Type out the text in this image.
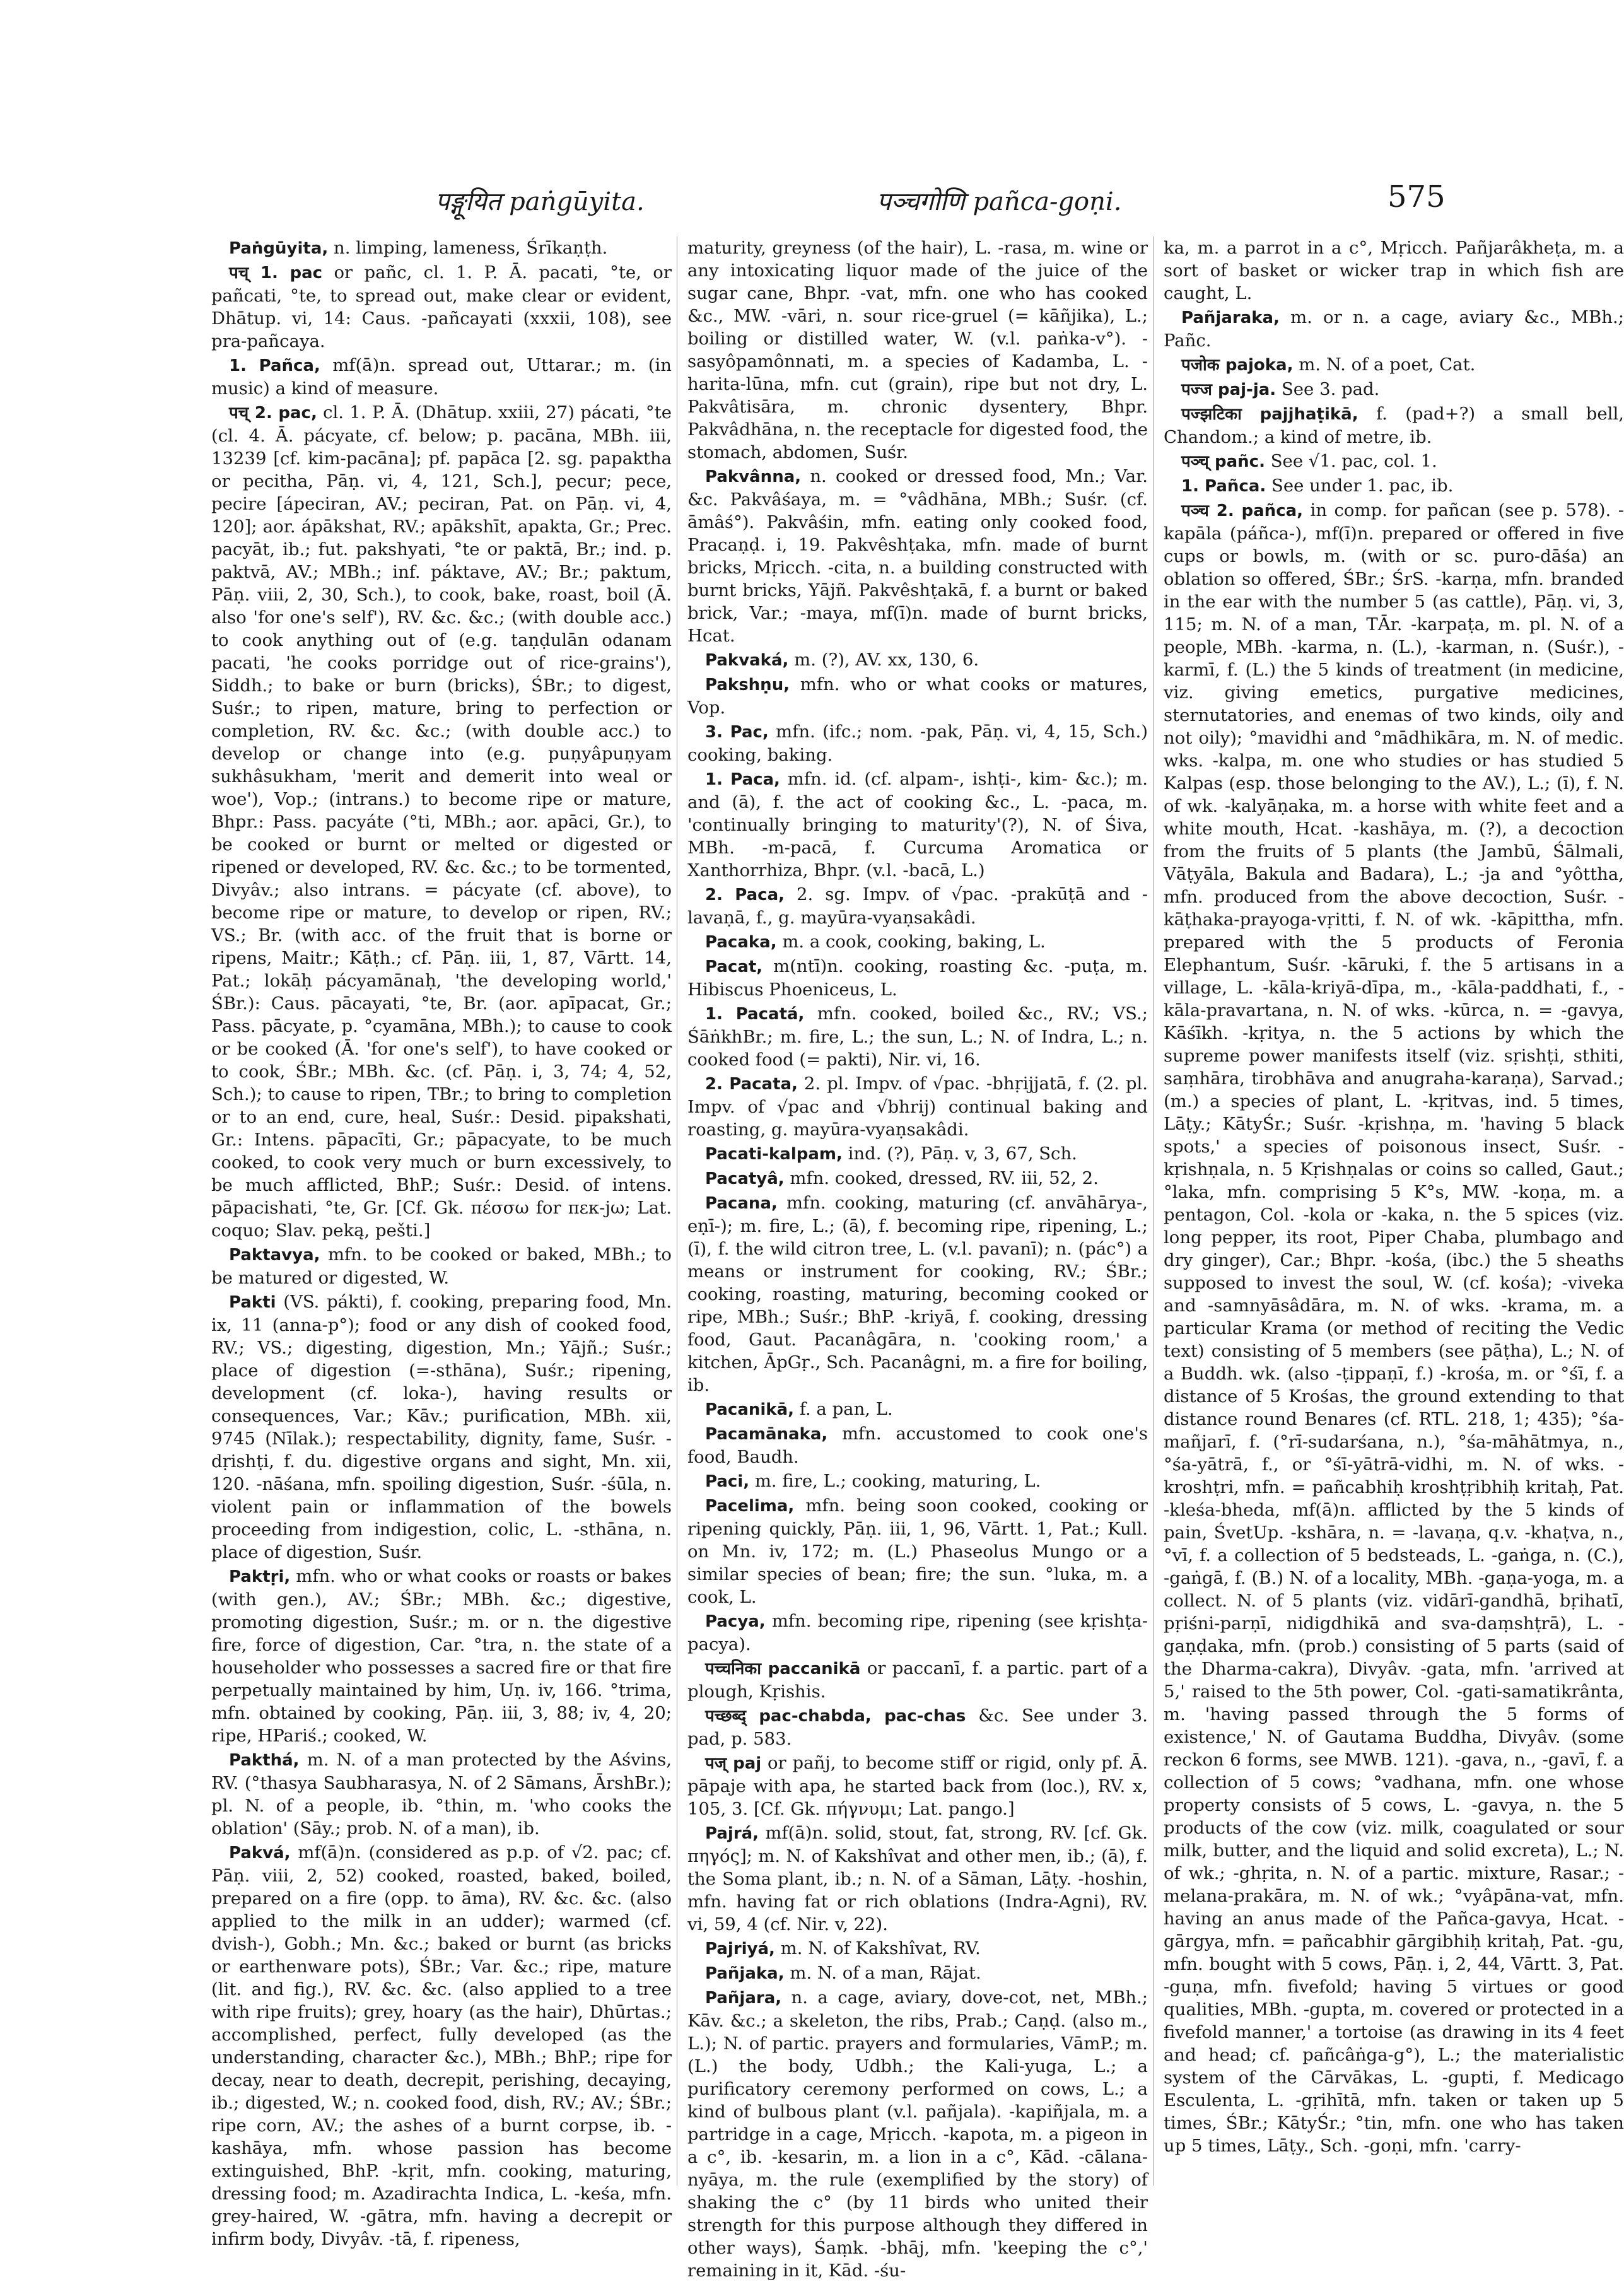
पङ्गूयित paṅgūyita.	पञ्चगोणि pañca-goṇi.	575

Paṅgūyita, n. limping, lameness, Śrīkaṇṭh.

पच् 1. pac or pañc, cl. 1. P. Ā. pacati, °te, or pañcati, °te, to spread out, make clear or evident, Dhātup. vi, 14: Caus. -pañcayati (xxxii, 108), see pra-pañcaya.

1. Pañca, mf(ā)n. spread out, Uttarar.; m. (in music) a kind of measure.

पच् 2. pac, cl. 1. P. Ā. (Dhātup. xxiii, 27) pácati, °te (cl. 4. Ā. pácyate, cf. below; p. pacāna, MBh. iii, 13239 [cf. kim-pacāna]; pf. papāca [2. sg. papaktha or pecitha, Pāṇ. vi, 4, 121, Sch.], pecur; pece, pecire [ápeciran, AV.; peciran, Pat. on Pāṇ. vi, 4, 120]; aor. ápākshat, RV.; apākshīt, apakta, Gr.; Prec. pacyāt, ib.; fut. pakshyati, °te or paktā, Br.; ind. p. paktvā, AV.; MBh.; inf. páktave, AV.; Br.; paktum, Pāṇ. viii, 2, 30, Sch.), to cook, bake, roast, boil (Ā. also 'for one's self'), RV. &c. &c.; (with double acc.) to cook anything out of (e.g. taṇḍulān odanam pacati, 'he cooks porridge out of rice-grains'), Siddh.; to bake or burn (bricks), ŚBr.; to digest, Suśr.; to ripen, mature, bring to perfection or completion, RV. &c. &c.; (with double acc.) to develop or change into (e.g. puṇyâpuṇyam sukhâsukham, 'merit and demerit into weal or woe'), Vop.; (intrans.) to become ripe or mature, Bhpr.: Pass. pacyáte (°ti, MBh.; aor. apāci, Gr.), to be cooked or burnt or melted or digested or ripened or developed, RV. &c. &c.; to be tormented, Divyâv.; also intrans. = pácyate (cf. above), to become ripe or mature, to develop or ripen, RV.; VS.; Br. (with acc. of the fruit that is borne or ripens, Maitr.; Kāṭh.; cf. Pāṇ. iii, 1, 87, Vārtt. 14, Pat.; lokāḥ pácyamānaḥ, 'the developing world,' ŚBr.): Caus. pācayati, °te, Br. (aor. apīpacat, Gr.; Pass. pācyate, p. °cyamāna, MBh.); to cause to cook or be cooked (Ā. 'for one's self'), to have cooked or to cook, ŚBr.; MBh. &c. (cf. Pāṇ. i, 3, 74; 4, 52, Sch.); to cause to ripen, TBr.; to bring to completion or to an end, cure, heal, Suśr.: Desid. pipakshati, Gr.: Intens. pāpacīti, Gr.; pāpacyate, to be much cooked, to cook very much or burn excessively, to be much afflicted, BhP.; Suśr.: Desid. of intens. pāpacishati, °te, Gr. [Cf. Gk. πέσσω for πεκ-jω; Lat. coquo; Slav. peką, pešti.]

Paktavya, mfn. to be cooked or baked, MBh.; to be matured or digested, W.

Pakti (VS. pákti), f. cooking, preparing food, Mn. ix, 11 (anna-p°); food or any dish of cooked food, RV.; VS.; digesting, digestion, Mn.; Yājñ.; Suśr.; place of digestion (=-sthāna), Suśr.; ripening, development (cf. loka-), having results or consequences, Var.; Kāv.; purification, MBh. xii, 9745 (Nīlak.); respectability, dignity, fame, Suśr. -dṛishṭi, f. du. digestive organs and sight, Mn. xii, 120. -nāśana, mfn. spoiling digestion, Suśr. -śūla, n. violent pain or inflammation of the bowels proceeding from indigestion, colic, L. -sthāna, n. place of digestion, Suśr.

Paktṛi, mfn. who or what cooks or roasts or bakes (with gen.), AV.; ŚBr.; MBh. &c.; digestive, promoting digestion, Suśr.; m. or n. the digestive fire, force of digestion, Car. °tra, n. the state of a householder who possesses a sacred fire or that fire perpetually maintained by him, Uṇ. iv, 166. °trima, mfn. obtained by cooking, Pāṇ. iii, 3, 88; iv, 4, 20; ripe, HPariś.; cooked, W.

Pakthá, m. N. of a man protected by the Aśvins, RV. (°thasya Saubharasya, N. of 2 Sāmans, ĀrshBr.); pl. N. of a people, ib. °thin, m. 'who cooks the oblation' (Sāy.; prob. N. of a man), ib.

Pakvá, mf(ā)n. (considered as p.p. of √2. pac; cf. Pāṇ. viii, 2, 52) cooked, roasted, baked, boiled, prepared on a fire (opp. to āma), RV. &c. &c. (also applied to the milk in an udder); warmed (cf. dvish-), Gobh.; Mn. &c.; baked or burnt (as bricks or earthenware pots), ŚBr.; Var. &c.; ripe, mature (lit. and fig.), RV. &c. &c. (also applied to a tree with ripe fruits); grey, hoary (as the hair), Dhūrtas.; accomplished, perfect, fully developed (as the understanding, character &c.), MBh.; BhP.; ripe for decay, near to death, decrepit, perishing, decaying, ib.; digested, W.; n. cooked food, dish, RV.; AV.; ŚBr.; ripe corn, AV.; the ashes of a burnt corpse, ib. -kashāya, mfn. whose passion has become extinguished, BhP. -kṛit, mfn. cooking, maturing, dressing food; m. Azadirachta Indica, L. -keśa, mfn. grey-haired, W. -gātra, mfn. having a decrepit or infirm body, Divyâv. -tā, f. ripeness,

maturity, greyness (of the hair), L. -rasa, m. wine or any intoxicating liquor made of the juice of the sugar cane, Bhpr. -vat, mfn. one who has cooked &c., MW. -vāri, n. sour rice-gruel (= kāñjika), L.; boiling or distilled water, W. (v.l. paṅka-v°). -sasyôpamônnati, m. a species of Kadamba, L. -harita-lūna, mfn. cut (grain), ripe but not dry, L. Pakvâtisāra, m. chronic dysentery, Bhpr. Pakvâdhāna, n. the receptacle for digested food, the stomach, abdomen, Suśr.

Pakvânna, n. cooked or dressed food, Mn.; Var. &c. Pakvâśaya, m. = °vâdhāna, MBh.; Suśr. (cf. āmâś°). Pakvâśin, mfn. eating only cooked food, Pracaṇḍ. i, 19. Pakvêshṭaka, mfn. made of burnt bricks, Mṛicch. -cita, n. a building constructed with burnt bricks, Yājñ. Pakvêshṭakā, f. a burnt or baked brick, Var.; -maya, mf(ī)n. made of burnt bricks, Hcat.

Pakvaká, m. (?), AV. xx, 130, 6.

Pakshṇu, mfn. who or what cooks or matures, Vop.

3. Pac, mfn. (ifc.; nom. -pak, Pāṇ. vi, 4, 15, Sch.) cooking, baking.

1. Paca, mfn. id. (cf. alpam-, ishṭi-, kim- &c.); m. and (ā), f. the act of cooking &c., L. -paca, m. 'continually bringing to maturity'(?), N. of Śiva, MBh. -m-pacā, f. Curcuma Aromatica or Xanthorrhiza, Bhpr. (v.l. -bacā, L.)

2. Paca, 2. sg. Impv. of √pac. -prakūṭā and -lavaṇā, f., g. mayūra-vyaṇsakâdi.

Pacaka, m. a cook, cooking, baking, L.

Pacat, m(ntī)n. cooking, roasting &c. -puṭa, m. Hibiscus Phoeniceus, L.

1. Pacatá, mfn. cooked, boiled &c., RV.; VS.; ŚāṅkhBr.; m. fire, L.; the sun, L.; N. of Indra, L.; n. cooked food (= pakti), Nir. vi, 16.

2. Pacata, 2. pl. Impv. of √pac. -bhṛijjatā, f. (2. pl. Impv. of √pac and √bhrij) continual baking and roasting, g. mayūra-vyaṇsakâdi.

Pacati-kalpam, ind. (?), Pāṇ. v, 3, 67, Sch.

Pacatyâ, mfn. cooked, dressed, RV. iii, 52, 2.

Pacana, mfn. cooking, maturing (cf. anvāhārya-, eṇī-); m. fire, L.; (ā), f. becoming ripe, ripening, L.; (ī), f. the wild citron tree, L. (v.l. pavanī); n. (pác°) a means or instrument for cooking, RV.; ŚBr.; cooking, roasting, maturing, becoming cooked or ripe, MBh.; Suśr.; BhP. -kriyā, f. cooking, dressing food, Gaut. Pacanâgāra, n. 'cooking room,' a kitchen, ĀpGṛ., Sch. Pacanâgni, m. a fire for boiling, ib.

Pacanikā, f. a pan, L.

Pacamānaka, mfn. accustomed to cook one's food, Baudh.

Paci, m. fire, L.; cooking, maturing, L.

Pacelima, mfn. being soon cooked, cooking or ripening quickly, Pāṇ. iii, 1, 96, Vārtt. 1, Pat.; Kull. on Mn. iv, 172; m. (L.) Phaseolus Mungo or a similar species of bean; fire; the sun. °luka, m. a cook, L.

Pacya, mfn. becoming ripe, ripening (see kṛishṭa-pacya).

पच्चनिका paccanikā or paccanī, f. a partic. part of a plough, Kṛishis.

पच्छब्द् pac-chabda, pac-chas &c. See under 3. pad, p. 583.

पज् paj or pañj, to become stiff or rigid, only pf. Ā. pāpaje with apa, he started back from (loc.), RV. x, 105, 3. [Cf. Gk. πήγνυμι; Lat. pango.]

Pajrá, mf(ā)n. solid, stout, fat, strong, RV. [cf. Gk. πηγός]; m. N. of Kakshîvat and other men, ib.; (ā), f. the Soma plant, ib.; n. N. of a Sāman, Lāṭy. -hoshin, mfn. having fat or rich oblations (Indra-Agni), RV. vi, 59, 4 (cf. Nir. v, 22).

Pajriyá, m. N. of Kakshîvat, RV.

Pañjaka, m. N. of a man, Rājat.

Pañjara, n. a cage, aviary, dove-cot, net, MBh.; Kāv. &c.; a skeleton, the ribs, Prab.; Caṇḍ. (also m., L.); N. of partic. prayers and formularies, VāmP.; m. (L.) the body, Udbh.; the Kali-yuga, L.; a purificatory ceremony performed on cows, L.; a kind of bulbous plant (v.l. pañjala). -kapiñjala, m. a partridge in a cage, Mṛicch. -kapota, m. a pigeon in a c°, ib. -kesarin, m. a lion in a c°, Kād. -cālana-nyāya, m. the rule (exemplified by the story) of shaking the c° (by 11 birds who united their strength for this purpose although they differed in other ways), Śaṃk. -bhāj, mfn. 'keeping the c°,' remaining in it, Kād. -śu-

ka, m. a parrot in a c°, Mṛicch. Pañjarâkheṭa, m. a sort of basket or wicker trap in which fish are caught, L.

Pañjaraka, m. or n. a cage, aviary &c., MBh.; Pañc.

पजोक pajoka, m. N. of a poet, Cat.

पज्ज paj-ja. See 3. pad.

पज्झटिका pajjhaṭikā, f. (pad+?) a small bell, Chandom.; a kind of metre, ib.

पञ्च् pañc. See √1. pac, col. 1.

1. Pañca. See under 1. pac, ib.

पञ्च 2. pañca, in comp. for pañcan (see p. 578). -kapāla (páñca-), mf(ī)n. prepared or offered in five cups or bowls, m. (with or sc. puro-dāśa) an oblation so offered, ŚBr.; ŚrS. -karṇa, mfn. branded in the ear with the number 5 (as cattle), Pāṇ. vi, 3, 115; m. N. of a man, TĀr. -karpaṭa, m. pl. N. of a people, MBh. -karma, n. (L.), -karman, n. (Suśr.), -karmī, f. (L.) the 5 kinds of treatment (in medicine, viz. giving emetics, purgative medicines, sternutatories, and enemas of two kinds, oily and not oily); °mavidhi and °mādhikāra, m. N. of medic. wks. -kalpa, m. one who studies or has studied 5 Kalpas (esp. those belonging to the AV.), L.; (ī), f. N. of wk. -kalyāṇaka, m. a horse with white feet and a white mouth, Hcat. -kashāya, m. (?), a decoction from the fruits of 5 plants (the Jambū, Śālmali, Vāṭyāla, Bakula and Badara), L.; -ja and °yôttha, mfn. produced from the above decoction, Suśr. -kāṭhaka-prayoga-vṛitti, f. N. of wk. -kāpittha, mfn. prepared with the 5 products of Feronia Elephantum, Suśr. -kāruki, f. the 5 artisans in a village, L. -kāla-kriyā-dīpa, m., -kāla-paddhati, f., -kāla-pravartana, n. N. of wks. -kūrca, n. = -gavya, Kāśīkh. -kṛitya, n. the 5 actions by which the supreme power manifests itself (viz. sṛishṭi, sthiti, saṃhāra, tirobhāva and anugraha-karaṇa), Sarvad.; (m.) a species of plant, L. -kṛitvas, ind. 5 times, Lāṭy.; KātyŚr.; Suśr. -kṛishṇa, m. 'having 5 black spots,' a species of poisonous insect, Suśr. -kṛishṇala, n. 5 Kṛishṇalas or coins so called, Gaut.; °laka, mfn. comprising 5 K°s, MW. -koṇa, m. a pentagon, Col. -kola or -kaka, n. the 5 spices (viz. long pepper, its root, Piper Chaba, plumbago and dry ginger), Car.; Bhpr. -kośa, (ibc.) the 5 sheaths supposed to invest the soul, W. (cf. kośa); -viveka and -samnyāsâdāra, m. N. of wks. -krama, m. a particular Krama (or method of reciting the Vedic text) consisting of 5 members (see pāṭha), L.; N. of a Buddh. wk. (also -ṭippaṇī, f.) -krośa, m. or °śī, f. a distance of 5 Krośas, the ground extending to that distance round Benares (cf. RTL. 218, 1; 435); °śa-mañjarī, f. (°rī-sudarśana, n.), °śa-māhātmya, n., °śa-yātrā, f., or °śī-yātrā-vidhi, m. N. of wks. -kroshṭri, mfn. = pañcabhiḥ kroshṭṛibhiḥ kritaḥ, Pat. -kleśa-bheda, mf(ā)n. afflicted by the 5 kinds of pain, ŚvetUp. -kshāra, n. = -lavaṇa, q.v. -khaṭva, n., °vī, f. a collection of 5 bedsteads, L. -gaṅga, n. (C.), -gaṅgā, f. (B.) N. of a locality, MBh. -gaṇa-yoga, m. a collect. N. of 5 plants (viz. vidārī-gandhā, bṛihatī, pṛiśni-parṇī, nidigdhikā and sva-daṃshṭrā), L. -gaṇḍaka, mfn. (prob.) consisting of 5 parts (said of the Dharma-cakra), Divyâv. -gata, mfn. 'arrived at 5,' raised to the 5th power, Col. -gati-samatikrânta, m. 'having passed through the 5 forms of existence,' N. of Gautama Buddha, Divyâv. (some reckon 6 forms, see MWB. 121). -gava, n., -gavī, f. a collection of 5 cows; °vadhana, mfn. one whose property consists of 5 cows, L. -gavya, n. the 5 products of the cow (viz. milk, coagulated or sour milk, butter, and the liquid and solid excreta), L.; N. of wk.; -ghṛita, n. N. of a partic. mixture, Rasar.; -melana-prakāra, m. N. of wk.; °vyâpāna-vat, mfn. having an anus made of the Pañca-gavya, Hcat. -gārgya, mfn. = pañcabhir gārgibhiḥ kritaḥ, Pat. -gu, mfn. bought with 5 cows, Pāṇ. i, 2, 44, Vārtt. 3, Pat. -guṇa, mfn. fivefold; having 5 virtues or good qualities, MBh. -gupta, m. covered or protected in a fivefold manner,' a tortoise (as drawing in its 4 feet and head; cf. pañcâṅga-g°), L.; the materialistic system of the Cārvākas, L. -gupti, f. Medicago Esculenta, L. -gṛihītā, mfn. taken or taken up 5 times, ŚBr.; KātyŚr.; °tin, mfn. one who has taken up 5 times, Lāṭy., Sch. -goṇi, mfn. 'carry-
